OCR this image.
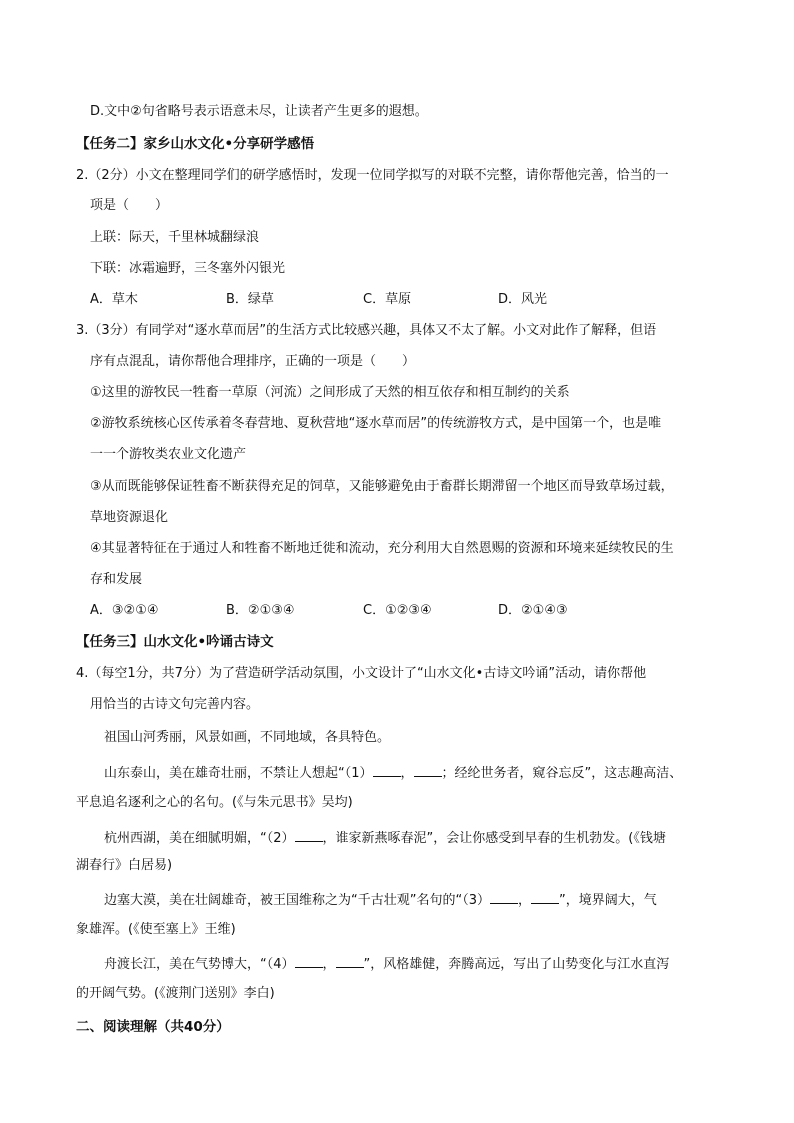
D.文中②句省略号表示语意未尽，让读者产生更多的遐想。
【任务二】家乡山水文化•分享研学感悟
2.（2分）小文在整理同学们的研学感悟时，发现一位同学拟写的对联不完整，请你帮他完善，恰当的一
项是（　　）
上联：际天，千里林城翻绿浪
下联：冰霜遍野，三冬塞外闪银光
A．草木	B．绿草	C．草原	D．风光
3.（3分）有同学对“逐水草而居”的生活方式比较感兴趣，具体又不太了解。小文对此作了解释，但语
序有点混乱，请你帮他合理排序，正确的一项是（　　）
①这里的游牧民一牲畜一草原（河流）之间形成了天然的相互依存和相互制约的关系
②游牧系统核心区传承着冬春营地、夏秋营地“逐水草而居”的传统游牧方式，是中国第一个，也是唯
一一个游牧类农业文化遗产
③从而既能够保证牲畜不断获得充足的饲草，又能够避免由于畜群长期滞留一个地区而导致草场过载，
草地资源退化
④其显著特征在于通过人和牲畜不断地迁徙和流动，充分利用大自然恩赐的资源和环境来延续牧民的生
存和发展
A．③②①④	B．②①③④	C．①②③④	D．②①④③
【任务三】山水文化•吟诵古诗文
4.（每空1分，共7分）为了营造研学活动氛围，小文设计了“山水文化•古诗文吟诵”活动，请你帮他
用恰当的古诗文句完善内容。
祖国山河秀丽，风景如画，不同地域，各具特色。
山东泰山，美在雄奇壮丽，不禁让人想起“（1） ， ；经纶世务者，窥谷忘反”，这志趣高洁、
平息追名逐利之心的名句。(《与朱元思书》吴均)
杭州西湖，美在细腻明媚，“（2） ，谁家新燕啄春泥”，会让你感受到早春的生机勃发。(《钱塘
湖春行》白居易)
边塞大漠，美在壮阔雄奇，被王国维称之为“千古壮观”名句的“（3） ， ”，境界阔大，气
象雄浑。(《使至塞上》王维)
舟渡长江，美在气势博大，“（4） ， ”，风格雄健，奔腾高远，写出了山势变化与江水直泻
的开阔气势。(《渡荆门送别》李白)
二、阅读理解（共40分）
